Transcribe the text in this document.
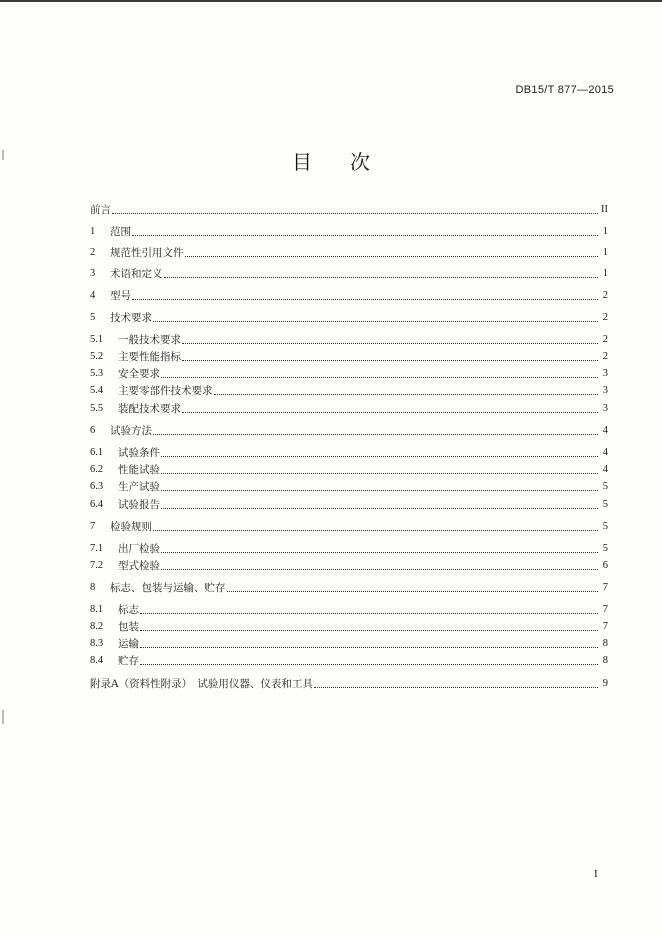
DB15/T 877—2015
目 次
前言	II
1	范围	1
2	规范性引用文件	1
3	术语和定义	1
4	型号	2
5	技术要求	2
5.1	一般技术要求	2
5.2	主要性能指标	2
5.3	安全要求	3
5.4	主要零部件技术要求	3
5.5	装配技术要求	3
6	试验方法	4
6.1	试验条件	4
6.2	性能试验	4
6.3	生产试验	5
6.4	试验报告	5
7	检验规则	5
7.1	出厂检验	5
7.2	型式检验	6
8	标志、包装与运输、贮存	7
8.1	标志	7
8.2	包装	7
8.3	运输	8
8.4	贮存	8
附录A（资料性附录）　试验用仪器、仪表和工具	9
I
